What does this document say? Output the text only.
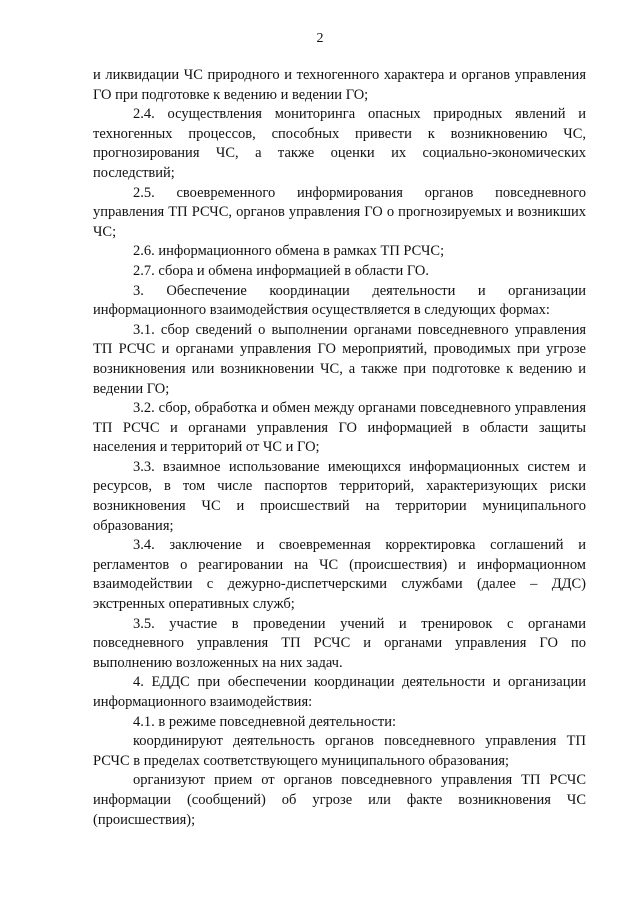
2

и ликвидации ЧС природного и техногенного характера и органов управления ГО при подготовке к ведению и ведении ГО;

2.4. осуществления мониторинга опасных природных явлений и техногенных процессов, способных привести к возникновению ЧС, прогнозирования ЧС, а также оценки их социально-экономических последствий;

2.5. своевременного информирования органов повседневного управления ТП РСЧС, органов управления ГО о прогнозируемых и возникших ЧС;

2.6. информационного обмена в рамках ТП РСЧС;

2.7. сбора и обмена информацией в области ГО.

3. Обеспечение координации деятельности и организации информационного взаимодействия осуществляется в следующих формах:

3.1. сбор сведений о выполнении органами повседневного управления ТП РСЧС и органами управления ГО мероприятий, проводимых при угрозе возникновения или возникновении ЧС, а также при подготовке к ведению и ведении ГО;

3.2. сбор, обработка и обмен между органами повседневного управления ТП РСЧС и органами управления ГО информацией в области защиты населения и территорий от ЧС и ГО;

3.3. взаимное использование имеющихся информационных систем и ресурсов, в том числе паспортов территорий, характеризующих риски возникновения ЧС и происшествий на территории муниципального образования;

3.4. заключение и своевременная корректировка соглашений и регламентов о реагировании на ЧС (происшествия) и информационном взаимодействии с дежурно-диспетчерскими службами (далее – ДДС) экстренных оперативных служб;

3.5. участие в проведении учений и тренировок с органами повседневного управления ТП РСЧС и органами управления ГО по выполнению возложенных на них задач.

4. ЕДДС при обеспечении координации деятельности и организации информационного взаимодействия:

4.1. в режиме повседневной деятельности:

координируют деятельность органов повседневного управления ТП РСЧС в пределах соответствующего муниципального образования;

организуют прием от органов повседневного управления ТП РСЧС информации (сообщений) об угрозе или факте возникновения ЧС (происшествия);
